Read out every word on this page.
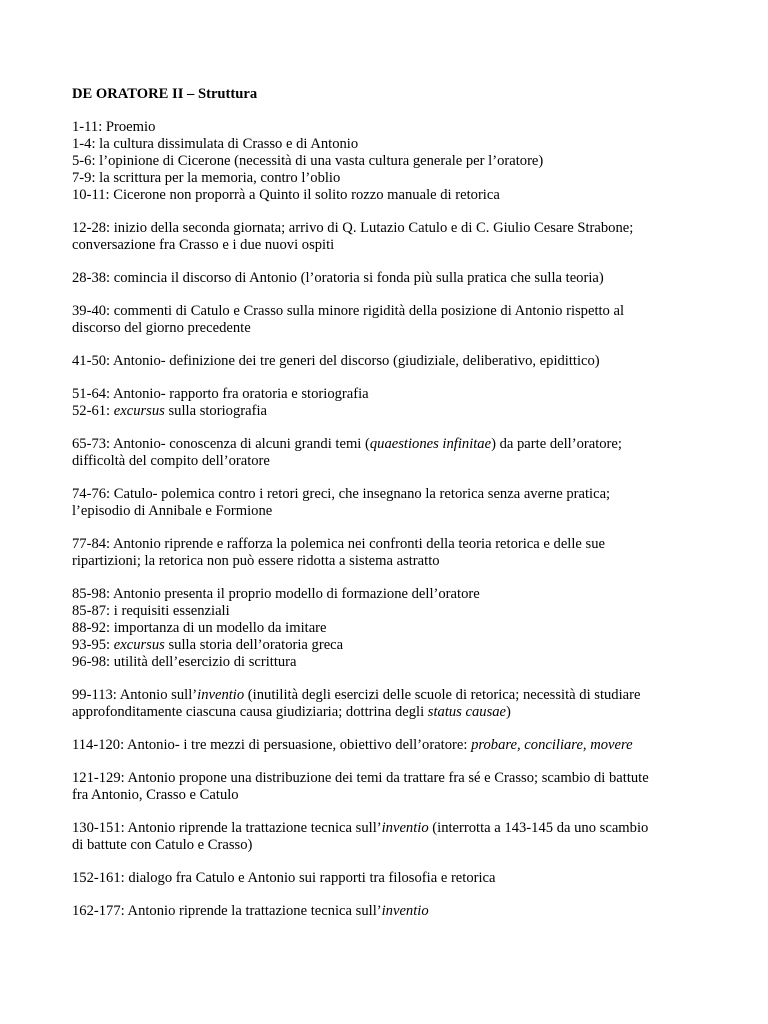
DE ORATORE II – Struttura
1-11: Proemio
1-4: la cultura dissimulata di Crasso e di Antonio
5-6: l’opinione di Cicerone (necessità di una vasta cultura generale per l’oratore)
7-9: la scrittura per la memoria, contro l’oblio
10-11: Cicerone non proporrà a Quinto il solito rozzo manuale di retorica
12-28: inizio della seconda giornata; arrivo di Q. Lutazio Catulo e di C. Giulio Cesare Strabone;
conversazione fra Crasso e i due nuovi ospiti
28-38: comincia il discorso di Antonio (l’oratoria si fonda più sulla pratica che sulla teoria)
39-40: commenti di Catulo e Crasso sulla minore rigidità della posizione di Antonio rispetto al
discorso del giorno precedente
41-50: Antonio- definizione dei tre generi del discorso (giudiziale, deliberativo, epidittico)
51-64: Antonio- rapporto fra oratoria e storiografia
52-61: excursus sulla storiografia
65-73: Antonio- conoscenza di alcuni grandi temi (quaestiones infinitae) da parte dell’oratore;
difficoltà del compito dell’oratore
74-76: Catulo- polemica contro i retori greci, che insegnano la retorica senza averne pratica;
l’episodio di Annibale e Formione
77-84: Antonio riprende e rafforza la polemica nei confronti della teoria retorica e delle sue
ripartizioni; la retorica non può essere ridotta a sistema astratto
85-98: Antonio presenta il proprio modello di formazione dell’oratore
85-87: i requisiti essenziali
88-92: importanza di un modello da imitare
93-95: excursus sulla storia dell’oratoria greca
96-98: utilità dell’esercizio di scrittura
99-113: Antonio sull’inventio (inutilità degli esercizi delle scuole di retorica; necessità di studiare
approfonditamente ciascuna causa giudiziaria; dottrina degli status causae)
114-120: Antonio- i tre mezzi di persuasione, obiettivo dell’oratore: probare, conciliare, movere
121-129: Antonio propone una distribuzione dei temi da trattare fra sé e Crasso; scambio di battute
fra Antonio, Crasso e Catulo
130-151: Antonio riprende la trattazione tecnica sull’inventio (interrotta a 143-145 da uno scambio
di battute con Catulo e Crasso)
152-161: dialogo fra Catulo e Antonio sui rapporti tra filosofia e retorica
162-177: Antonio riprende la trattazione tecnica sull’inventio
